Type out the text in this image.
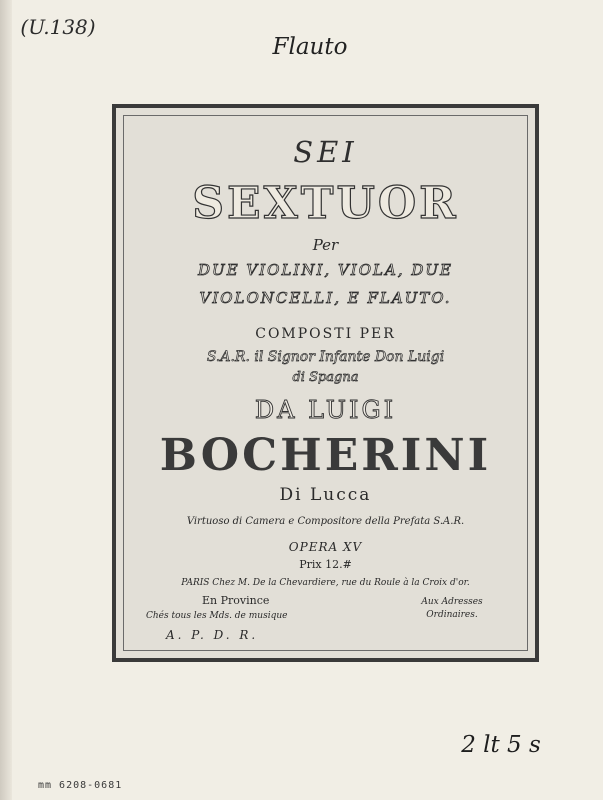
(U.138)
Flauto
SEI
SEXTUOR
Per
DUE VIOLINI, VIOLA, DUE
VIOLONCELLI, E FLAUTO.
COMPOSTI PER
S.A.R. il Signor Infante Don Luigi
di Spagna
DA LUIGI
BOCHERINI
Di Lucca
Virtuoso di Camera e Compositore della Prefata S.A.R.
OPERA XV
Prix 12.#
PARIS Chez M. De la Chevardiere, rue du Roule à la Croix d'or.
En Province
Chés tous les Mds. de musique
Aux Adresses
Ordinaires.
A. P. D. R.
2 lt 5 s
mm 6208-0681
